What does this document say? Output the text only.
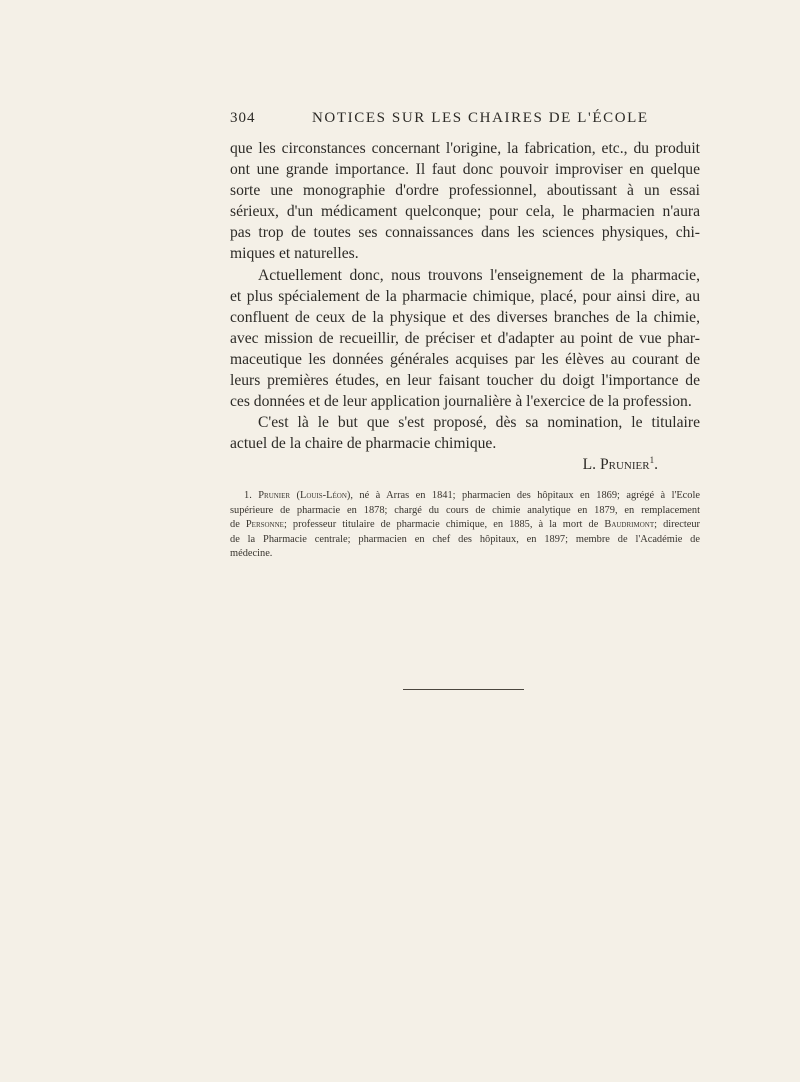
304	NOTICES SUR LES CHAIRES DE L'ÉCOLE
que les circonstances concernant l'origine, la fabrication, etc., du produit
ont une grande importance. Il faut donc pouvoir improviser en quelque
sorte une monographie d'ordre professionnel, aboutissant à un essai
sérieux, d'un médicament quelconque; pour cela, le pharmacien n'aura
pas trop de toutes ses connaissances dans les sciences physiques, chi-
miques et naturelles.
Actuellement donc, nous trouvons l'enseignement de la pharmacie,
et plus spécialement de la pharmacie chimique, placé, pour ainsi dire, au
confluent de ceux de la physique et des diverses branches de la chimie,
avec mission de recueillir, de préciser et d'adapter au point de vue phar-
maceutique les données générales acquises par les élèves au courant de
leurs premières études, en leur faisant toucher du doigt l'importance de
ces données et de leur application journalière à l'exercice de la profession.
C'est là le but que s'est proposé, dès sa nomination, le titulaire
actuel de la chaire de pharmacie chimique.
L. Prunier$^1$.
1. Prunier (Louis-Léon), né à Arras en 1841; pharmacien des hôpitaux en 1869; agrégé à l'Ecole
supérieure de pharmacie en 1878; chargé du cours de chimie analytique en 1879, en remplacement
de Personne; professeur titulaire de pharmacie chimique, en 1885, à la mort de Baudrimont; directeur
de la Pharmacie centrale; pharmacien en chef des hôpitaux, en 1897; membre de l'Académie de
médecine.
